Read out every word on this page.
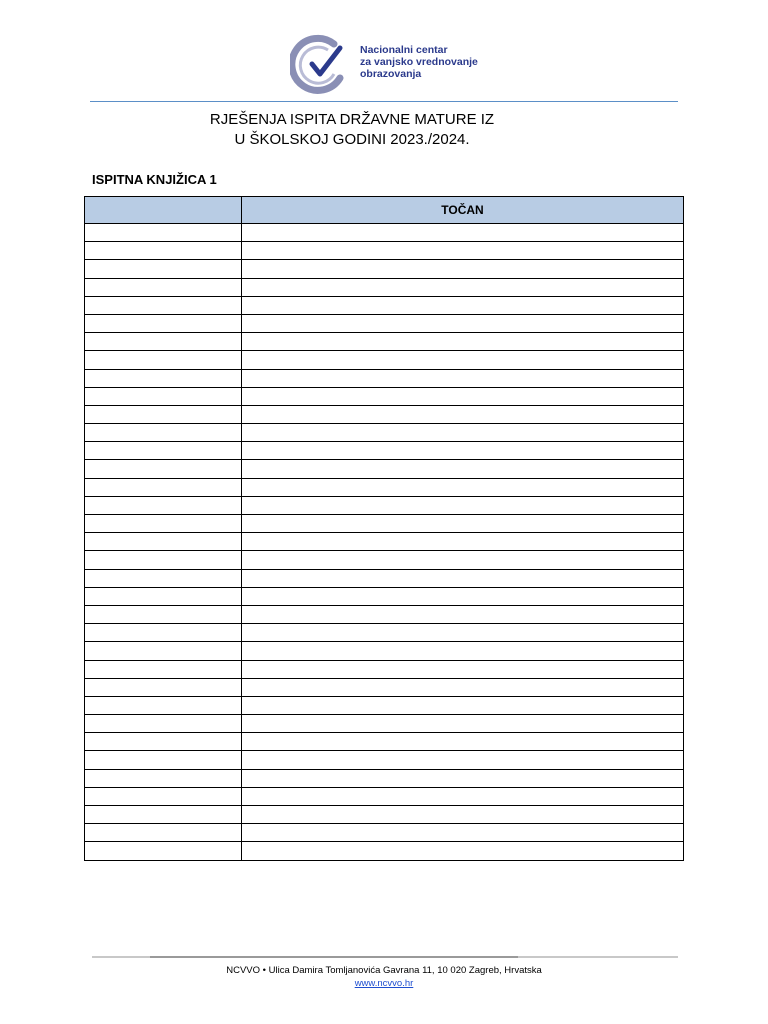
Nacionalni centar
za vanjsko vrednovanje
obrazovanja
RJEŠENJA ISPITA DRŽAVNE MATURE IZ
U ŠKOLSKOJ GODINI 2023./2024.
ISPITNA KNJIŽICA 1
	TOČAN

NCVVO • Ulica Damira Tomljanovića Gavrana 11, 10 020 Zagreb, Hrvatska
www.ncvvo.hr
